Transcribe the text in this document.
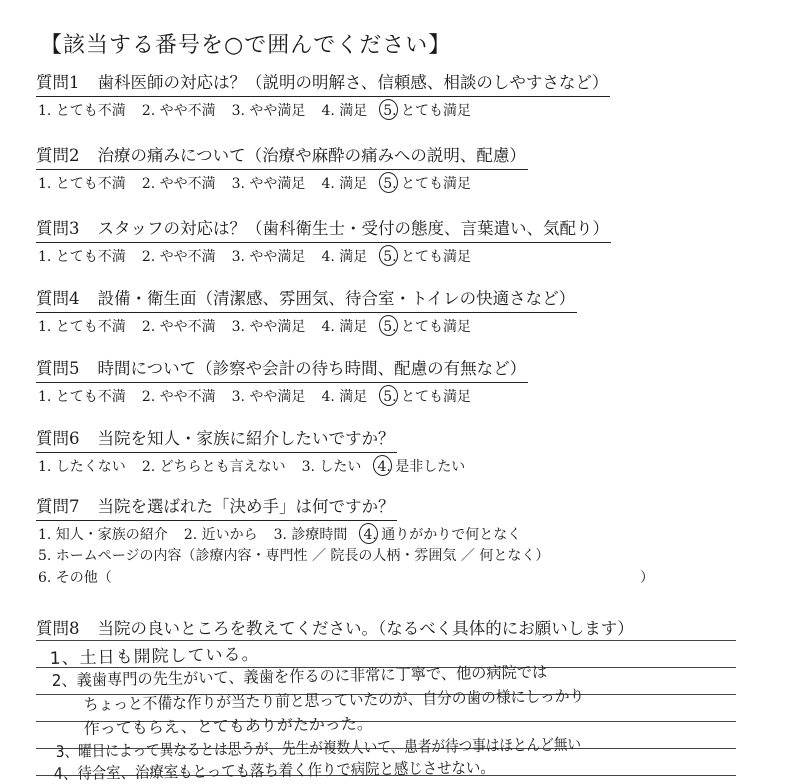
【該当する番号を○で囲んでください】
質問1 歯科医師の対応は？（説明の明解さ、信頼感、相談のしやすさなど）
1. とても不満 2. やや不満 3. やや満足 4. 満足 5. とても満足
質問2 治療の痛みについて（治療や麻酔の痛みへの説明、配慮）
1. とても不満 2. やや不満 3. やや満足 4. 満足 5. とても満足
質問3 スタッフの対応は？（歯科衛生士・受付の態度、言葉遣い、気配り）
1. とても不満 2. やや不満 3. やや満足 4. 満足 5. とても満足
質問4 設備・衛生面（清潔感、雰囲気、待合室・トイレの快適さなど）
1. とても不満 2. やや不満 3. やや満足 4. 満足 5. とても満足
質問5 時間について（診察や会計の待ち時間、配慮の有無など）
1. とても不満 2. やや不満 3. やや満足 4. 満足 5. とても満足
質問6 当院を知人・家族に紹介したいですか？
1. したくない 2. どちらとも言えない 3. したい 4. 是非したい
質問7 当院を選ばれた「決め手」は何ですか？
1. 知人・家族の紹介 2. 近いから 3. 診療時間 4. 通りがかりで何となく
5. ホームページの内容（診療内容・専門性 ／ 院長の人柄・雰囲気 ／ 何となく）
6. その他（	）
質問8 当院の良いところを教えてください。（なるべく具体的にお願いします）
1、土日も開院している。
2、義歯専門の先生がいて、義歯を作るのに非常に丁寧で、他の病院では
ちょっと不備な作りが当たり前と思っていたのが、自分の歯の様にしっかり
作ってもらえ、とてもありがたかった。
3、曜日によって異なるとは思うが、先生が複数人いて、患者が待つ事はほとんど無い
4、待合室、治療室もとっても落ち着く作りで病院と感じさせない。
